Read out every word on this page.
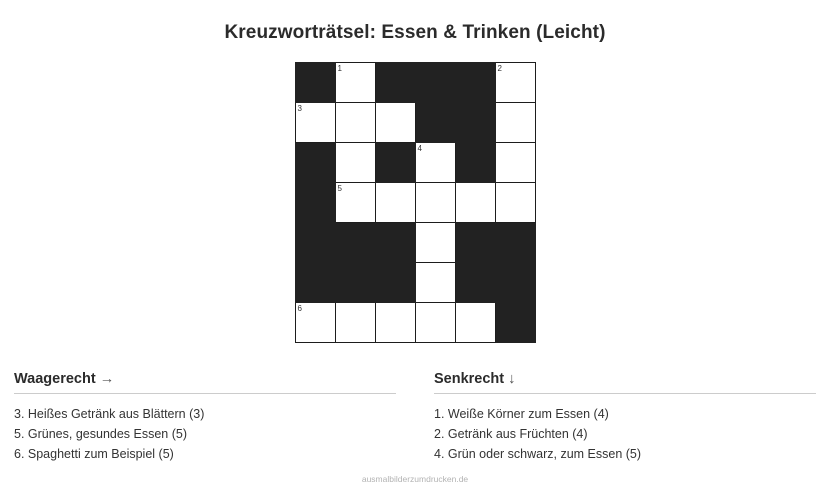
Kreuzworträtsel: Essen & Trinken (Leicht)

	1				2

3					

			4		

	5				

6					

Waagerecht →
3. Heißes Getränk aus Blättern (3)
5. Grünes, gesundes Essen (5)
6. Spaghetti zum Beispiel (5)
Senkrecht ↓
1. Weiße Körner zum Essen (4)
2. Getränk aus Früchten (4)
4. Grün oder schwarz, zum Essen (5)
ausmalbilderzumdrucken.de
